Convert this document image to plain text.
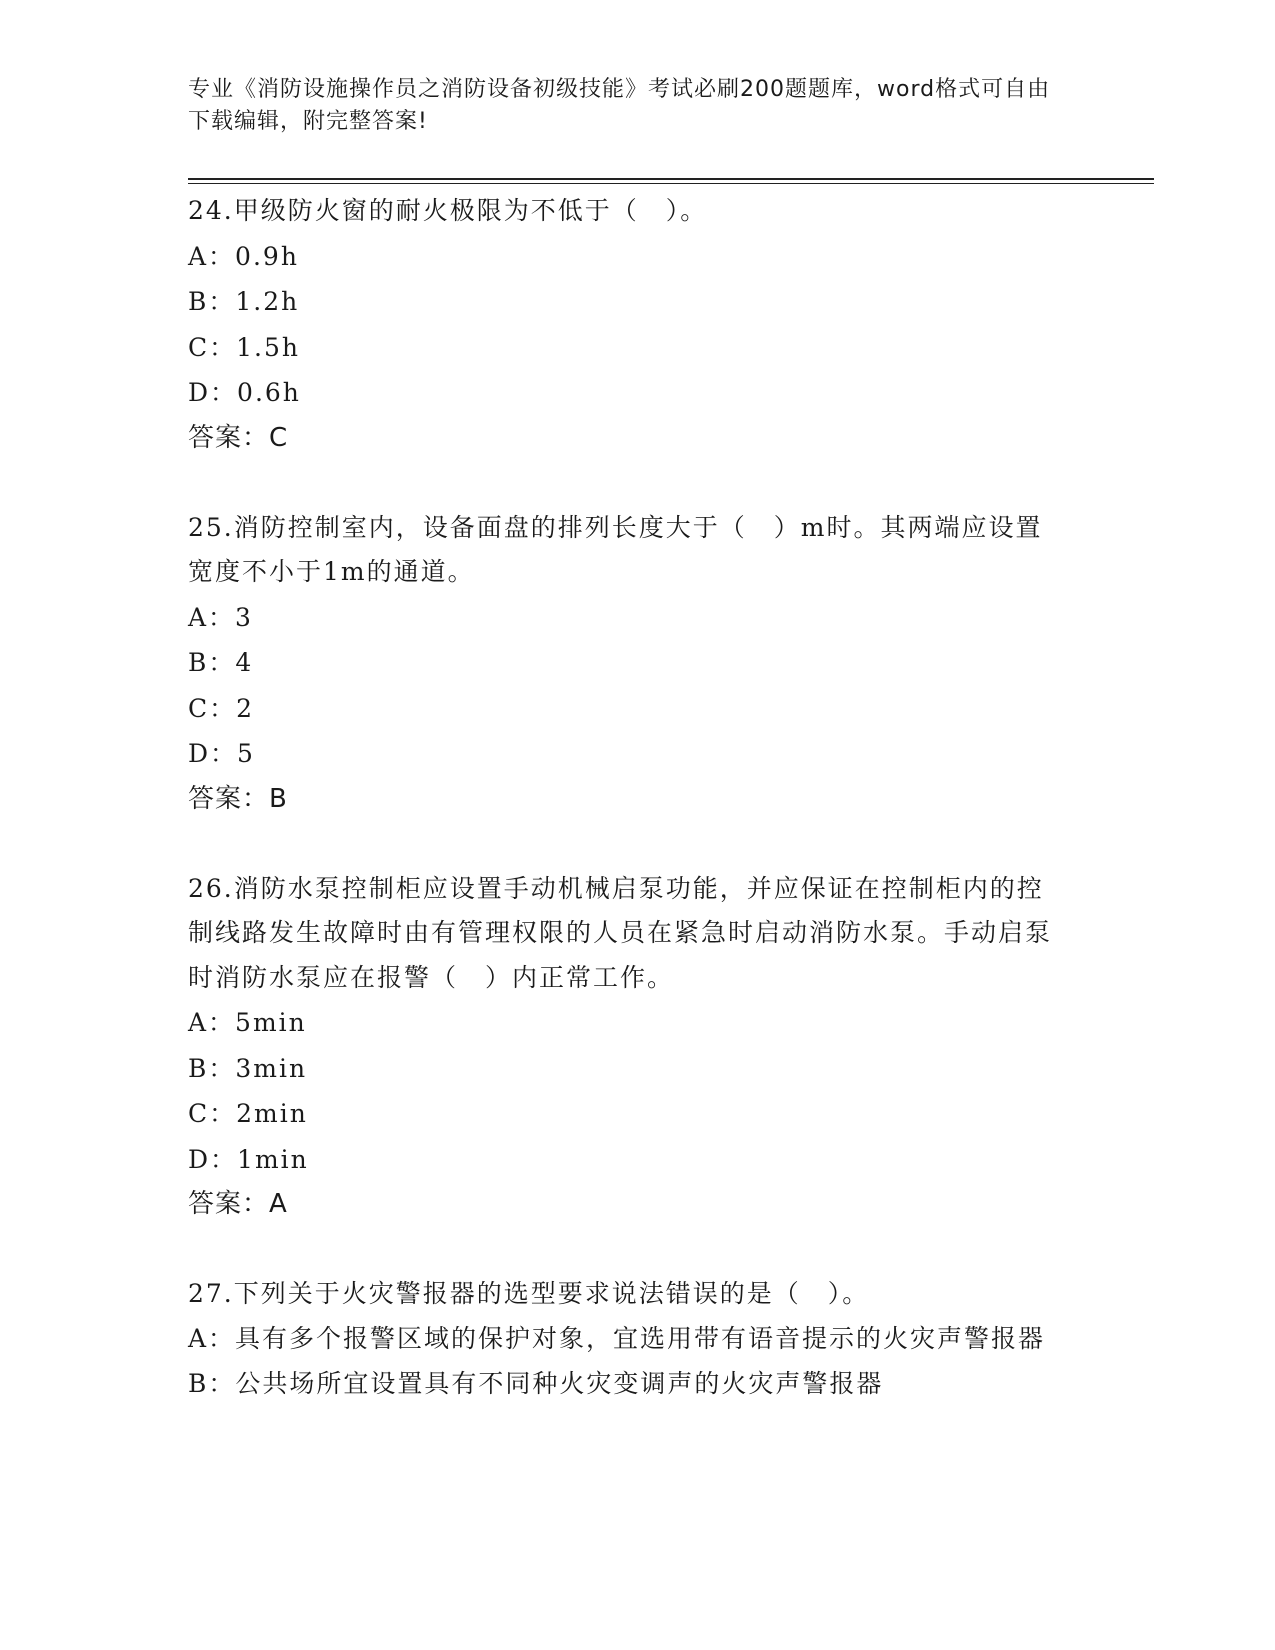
专业《消防设施操作员之消防设备初级技能》考试必刷200题题库，word格式可自由下载编辑，附完整答案!

24.甲级防火窗的耐火极限为不低于（　）。

A：0.9h

B：1.2h

C：1.5h

D：0.6h

答案：C

25.消防控制室内，设备面盘的排列长度大于（　）m时。其两端应设置宽度不小于1m的通道。

A：3

B：4

C：2

D：5

答案：B

26.消防水泵控制柜应设置手动机械启泵功能，并应保证在控制柜内的控制线路发生故障时由有管理权限的人员在紧急时启动消防水泵。手动启泵时消防水泵应在报警（　）内正常工作。

A：5min

B：3min

C：2min

D：1min

答案：A

27.下列关于火灾警报器的选型要求说法错误的是（　）。

A：具有多个报警区域的保护对象，宜选用带有语音提示的火灾声警报器

B：公共场所宜设置具有不同种火灾变调声的火灾声警报器
